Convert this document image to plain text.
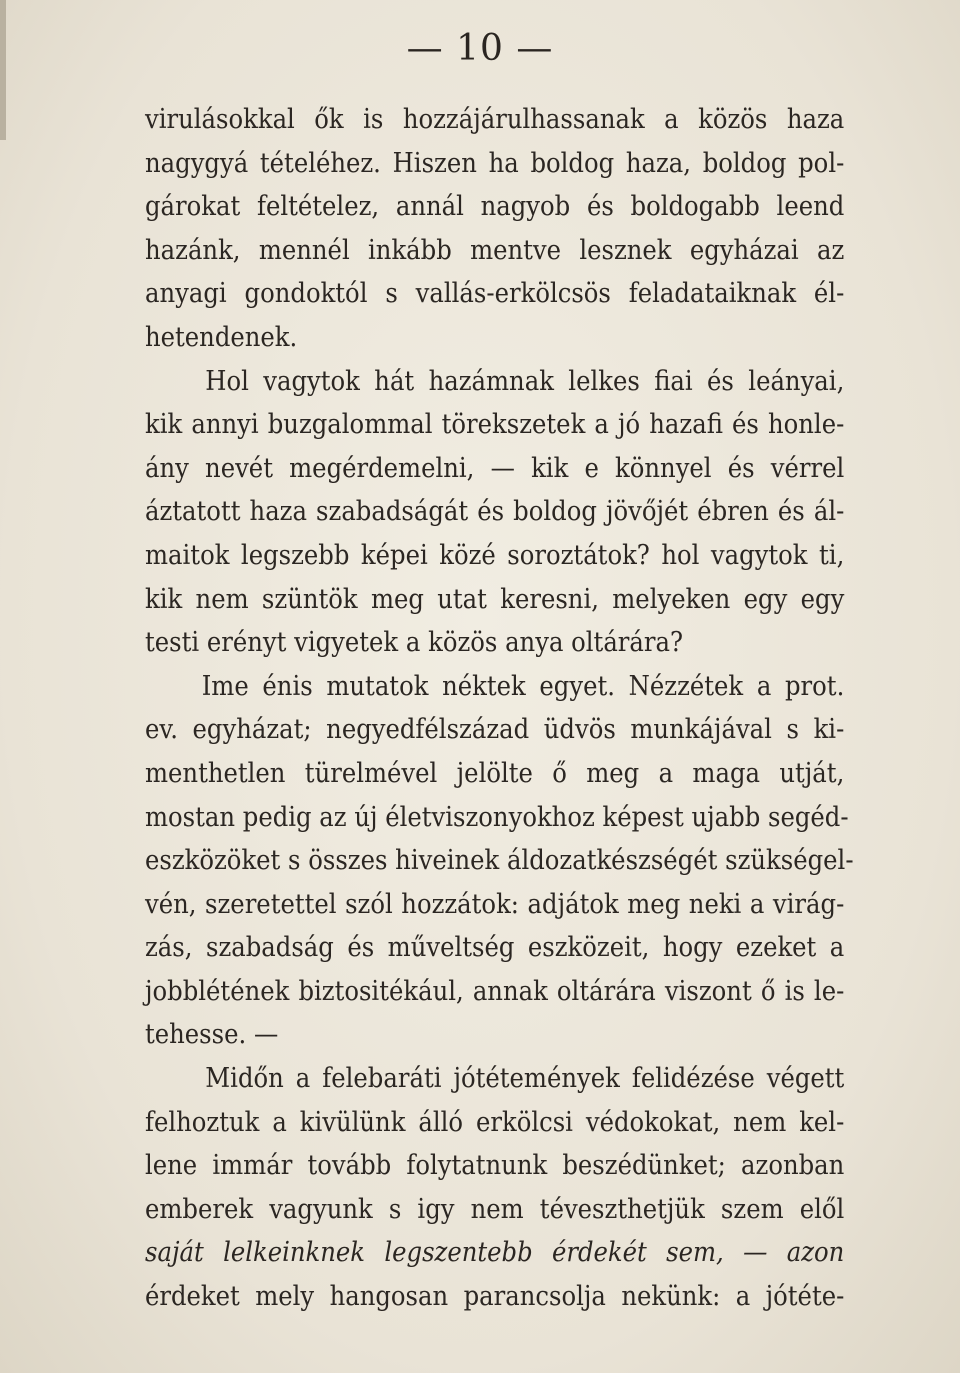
— 10 —
virulásokkal ők is hozzájárulhassanak a közös haza
nagygyá tételéhez. Hiszen ha boldog haza, boldog pol-
gárokat feltételez, annál nagyob és boldogabb leend
hazánk, mennél inkább mentve lesznek egyházai az
anyagi gondoktól s vallás-erkölcsös feladataiknak él-
hetendenek.
Hol vagytok hát hazámnak lelkes fiai és leányai,
kik annyi buzgalommal törekszetek a jó hazafi és honle-
ány nevét megérdemelni, — kik e könnyel és vérrel
áztatott haza szabadságát és boldog jövőjét ébren és ál-
maitok legszebb képei közé soroztátok? hol vagytok ti,
kik nem szüntök meg utat keresni, melyeken egy egy
testi erényt vigyetek a közös anya oltárára?
Ime énis mutatok néktek egyet. Nézzétek a prot.
ev. egyházat; negyedfélszázad üdvös munkájával s ki-
menthetlen türelmével jelölte ő meg a maga utját,
mostan pedig az új életviszonyokhoz képest ujabb segéd-
eszközöket s összes hiveinek áldozatkészségét szükségel-
vén, szeretettel szól hozzátok: adjátok meg neki a virág-
zás, szabadság és műveltség eszközeit, hogy ezeket a
jobblétének biztositékául, annak oltárára viszont ő is le-
tehesse. —
Midőn a felebaráti jótétemények felidézése végett
felhoztuk a kivülünk álló erkölcsi védokokat, nem kel-
lene immár tovább folytatnunk beszédünket; azonban
emberek vagyunk s igy nem téveszthetjük szem elől
saját lelkeinknek legszentebb érdekét sem, — azon
érdeket mely hangosan parancsolja nekünk: a jótéte-
